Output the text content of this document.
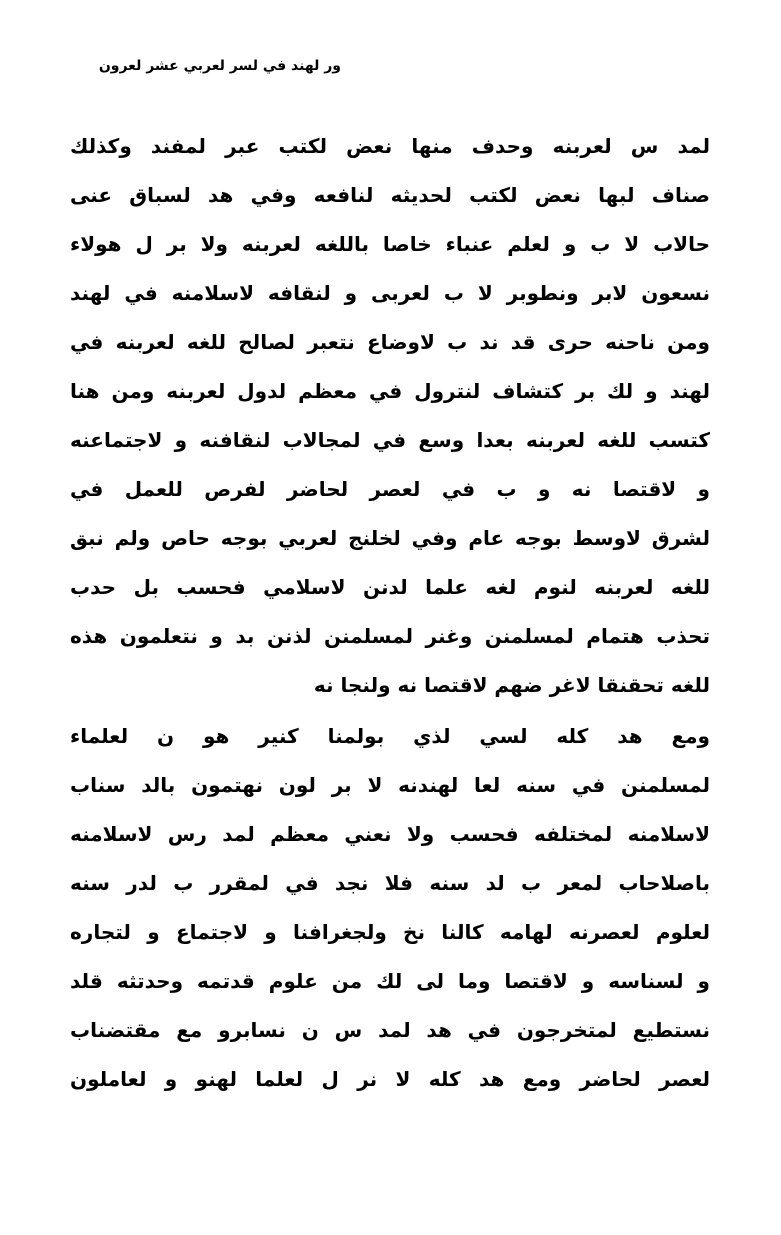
ور لهند في لسر لعربي عشر لعرون
لمد س لعربنه وحدف منها نعض لكتب عبر لمفند وكذلك
صناف لبها نعض لكتب لحديثه لنافعه وفي هد لسباق عنى
حالاب لا ب و لعلم عنباء خاصا باللغه لعربنه ولا بر ل هولاء
نسعون لابر ونطوبر لا ب لعربى و لنقافه لاسلامنه في لهند
ومن ناحنه حرى قد ند ب لاوضاع نتعبر لصالح للغه لعربنه في
لهند و لك بر كتشاف لنترول في معظم لدول لعربنه ومن هنا
كتسب للغه لعربنه بعدا وسع في لمجالاب لنقافنه و لاجتماعنه
و لاقتصا نه و ب في لعصر لحاضر لفرص للعمل في
لشرق لاوسط بوجه عام وفي لخلنج لعربي بوجه حاص ولم نبق
للغه لعربنه لنوم لغه علما لدنن لاسلامي فحسب بل حدب
تحذب هتمام لمسلمنن وغنر لمسلمنن لذنن بد و نتعلمون هذه
للغه تحقنقا لاغر ضهم لاقتصا نه ولنجا نه
ومع هد كله لسي لذي بولمنا كنير هو ن لعلماء
لمسلمنن في سنه لعا لهندنه لا بر لون نهتمون بالد سناب
لاسلامنه لمختلفه فحسب ولا نعني معظم لمد رس لاسلامنه
باصلاحاب لمعر ب لد سنه فلا نجد في لمقرر ب لدر سنه
لعلوم لعصرنه لهامه كالنا نخ ولجغرافنا و لاجتماع و لتجاره
و لسناسه و لاقتصا وما لى لك من علوم قدتمه وحدتثه قلد
نستطيع لمتخرجون في هد لمد س ن نسابرو مع مقتضناب
لعصر لحاضر ومع هد كله لا نر ل لعلما لهنو و لعاملون
